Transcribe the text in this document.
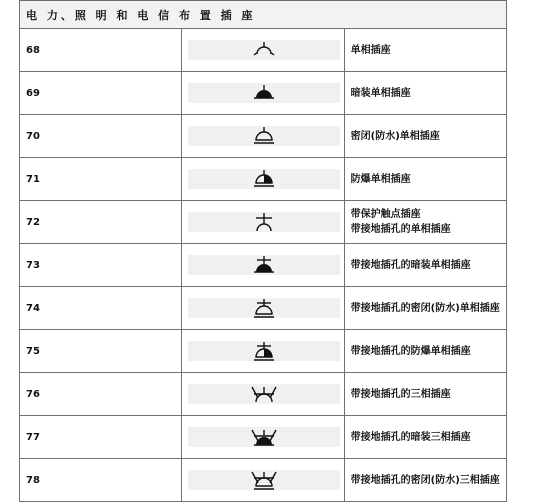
电 力、照 明 和 电 信 布 置 插 座		
68		单相插座

69		暗装单相插座

70		密闭(防水)单相插座

71		防爆单相插座

72		带保护触点插座
带接地插孔的单相插座

73		带接地插孔的暗装单相插座

74		带接地插孔的密闭(防水)单相插座

75		带接地插孔的防爆单相插座

76		带接地插孔的三相插座

77		带接地插孔的暗装三相插座

78		带接地插孔的密闭(防水)三相插座
